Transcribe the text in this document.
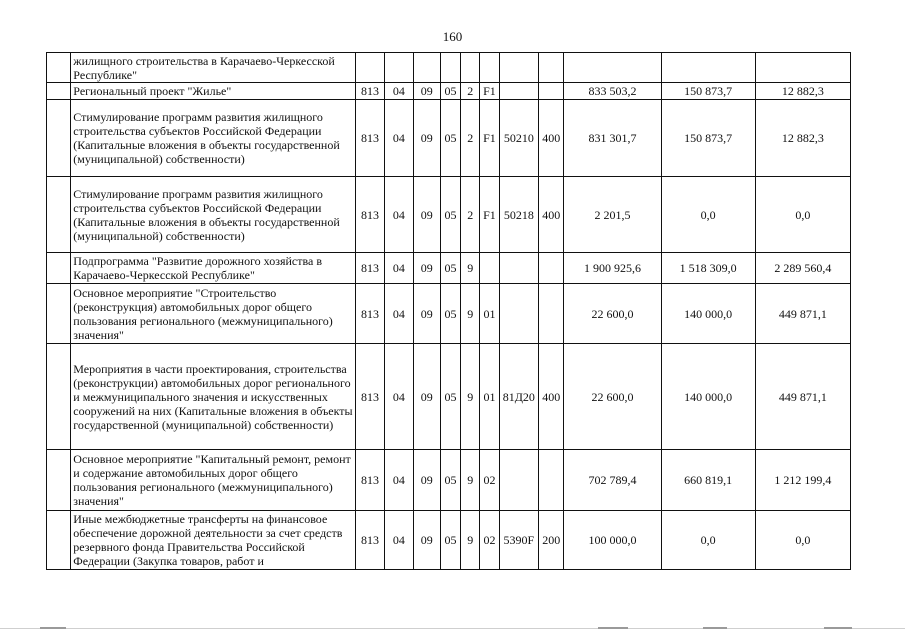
160
	жилищного строительства в Карачаево-Черкесской Республике"											
	Региональный проект "Жилье"	813	04	09	05	2	F1			833 503,2	150 873,7	12 882,3
	Стимулирование программ развития жилищного строительства субъектов Российской Федерации (Капитальные вложения в объекты государственной (муниципальной) собственности)	813	04	09	05	2	F1	50210	400	831 301,7	150 873,7	12 882,3
	Стимулирование программ развития жилищного строительства субъектов Российской Федерации (Капитальные вложения в объекты государственной (муниципальной) собственности)	813	04	09	05	2	F1	50218	400	2 201,5	0,0	0,0
	Подпрограмма "Развитие дорожного хозяйства в Карачаево-Черкесской Республике"	813	04	09	05	9				1 900 925,6	1 518 309,0	2 289 560,4
	Основное мероприятие "Строительство (реконструкция) автомобильных дорог общего пользования регионального (межмуниципального) значения"	813	04	09	05	9	01			22 600,0	140 000,0	449 871,1
	Мероприятия в части проектирования, строительства (реконструкции) автомобильных дорог регионального и межмуниципального значения и искусственных сооружений на них (Капитальные вложения в объекты государственной (муниципальной) собственности)	813	04	09	05	9	01	81Д20	400	22 600,0	140 000,0	449 871,1
	Основное мероприятие "Капитальный ремонт, ремонт и содержание автомобильных дорог общего пользования регионального (межмуниципального) значения"	813	04	09	05	9	02			702 789,4	660 819,1	1 212 199,4
	Иные межбюджетные трансферты на финансовое обеспечение дорожной деятельности за счет средств резервного фонда Правительства Российской Федерации (Закупка товаров, работ и	813	04	09	05	9	02	5390F	200	100 000,0	0,0	0,0
